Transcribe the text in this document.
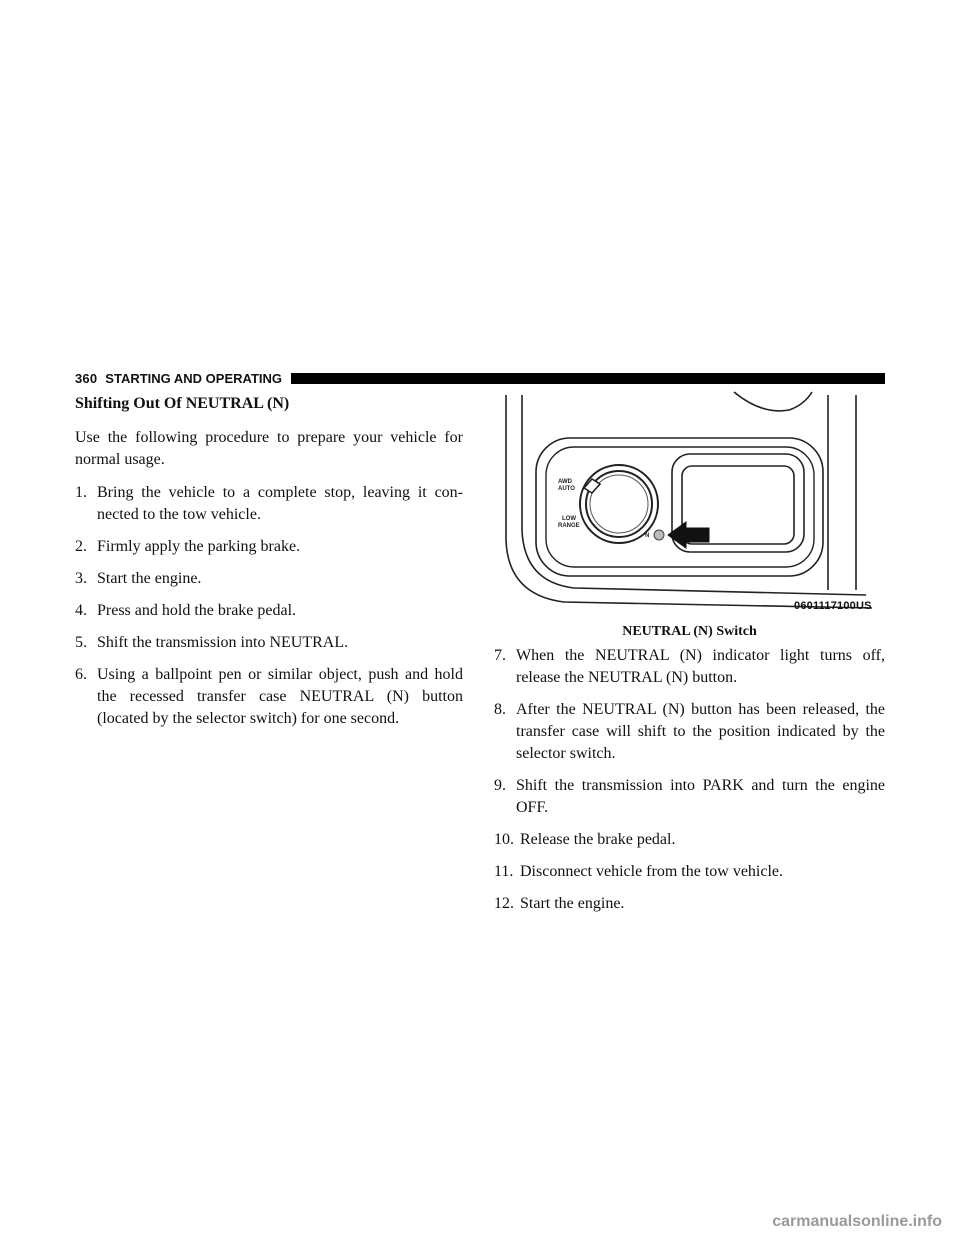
360 STARTING AND OPERATING
Shifting Out Of NEUTRAL (N)

Use the following procedure to prepare your vehicle for normal usage.

1. Bring the vehicle to a complete stop, leaving it con-nected to the tow vehicle.
2. Firmly apply the parking brake.
3. Start the engine.
4. Press and hold the brake pedal.
5. Shift the transmission into NEUTRAL.
6. Using a ballpoint pen or similar object, push and hold the recessed transfer case NEUTRAL (N) button (located by the selector switch) for one second.
AWD
AUTO
LOW
RANGE
N
0601117100US
NEUTRAL (N) Switch
7. When the NEUTRAL (N) indicator light turns off, release the NEUTRAL (N) button.
8. After the NEUTRAL (N) button has been released, the transfer case will shift to the position indicated by the selector switch.
9. Shift the transmission into PARK and turn the engine OFF.
10. Release the brake pedal.
11. Disconnect vehicle from the tow vehicle.
12. Start the engine.
carmanualsonline.info
